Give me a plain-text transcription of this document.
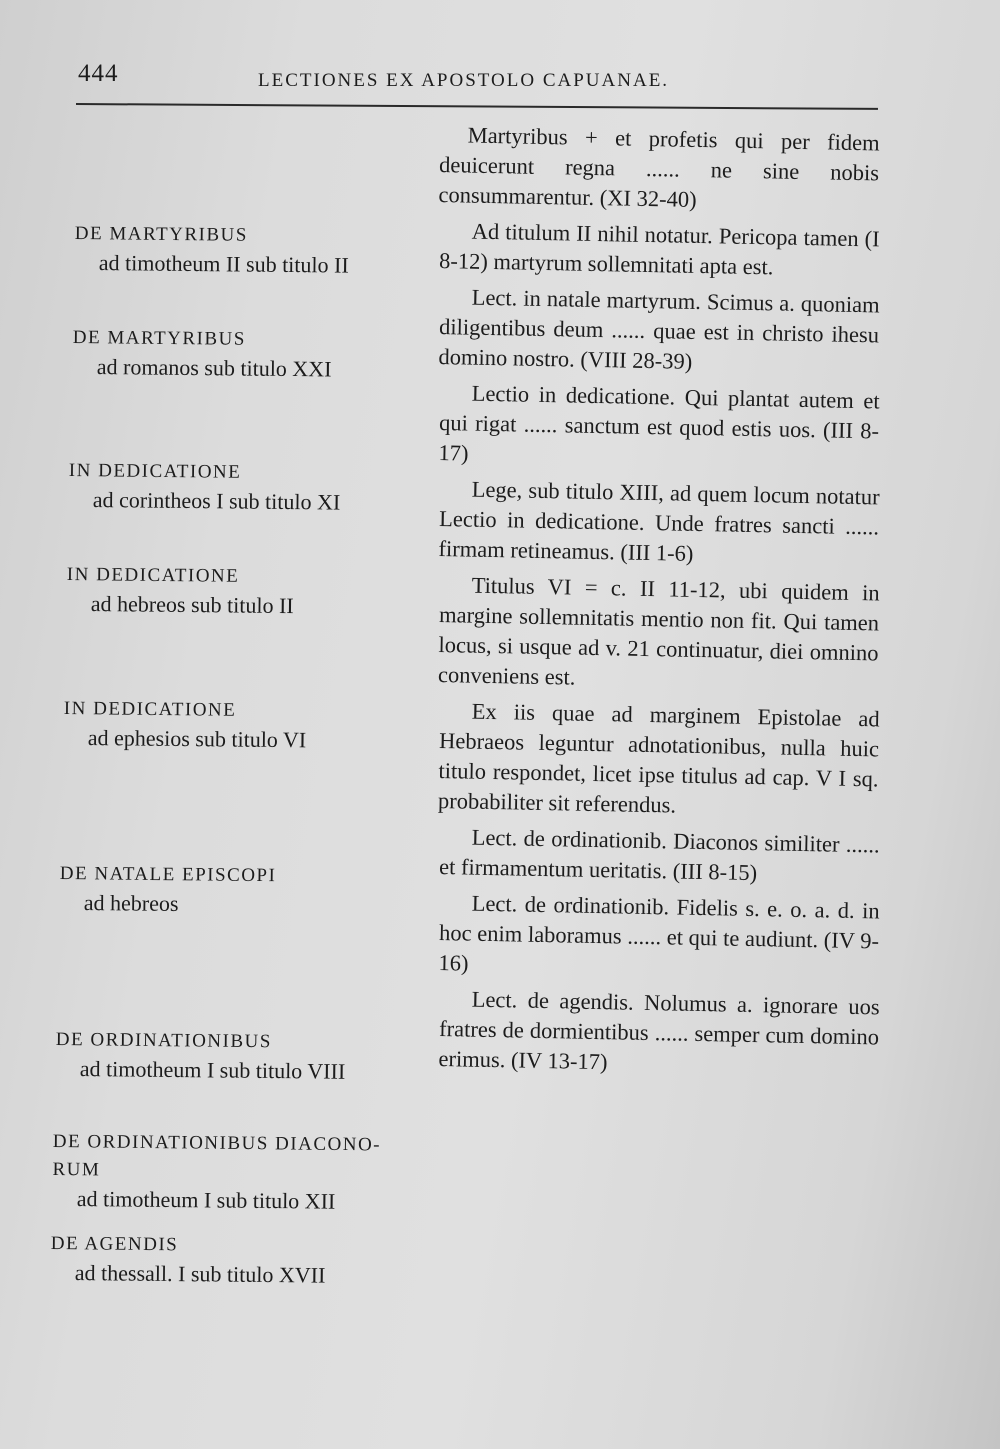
444	LECTIONES EX APOSTOLO CAPUANAE.
DE MARTYRIBUS
ad timotheum II sub titulo II
DE MARTYRIBUS
ad romanos sub titulo XXI
IN DEDICATIONE
ad corintheos I sub titulo XI
IN DEDICATIONE
ad hebreos sub titulo II
IN DEDICATIONE
ad ephesios sub titulo VI
DE NATALE EPISCOPI
ad hebreos
DE ORDINATIONIBUS
ad timotheum I sub titulo VIII
DE ORDINATIONIBUS DIACONO-RUM
ad timotheum I sub titulo XII
DE AGENDIS
ad thessall. I sub titulo XVII

Martyribus + et profetis qui per fidem deuicerunt regna ...... ne sine nobis consummarentur. (XI 32-40)

Ad titulum II nihil notatur. Pericopa tamen (I 8-12) martyrum sollemnitati apta est.

Lect. in natale martyrum. Scimus a. quoniam diligentibus deum ...... quae est in christo ihesu domino nostro. (VIII 28-39)

Lectio in dedicatione. Qui plantat autem et qui rigat ...... sanctum est quod estis uos. (III 8-17)

Lege, sub titulo XIII, ad quem locum notatur Lectio in dedicatione. Unde fratres sancti ...... firmam retineamus. (III 1-6)

Titulus VI = c. II 11-12, ubi quidem in margine sollemnitatis mentio non fit. Qui tamen locus, si usque ad v. 21 continuatur, diei omnino conveniens est.

Ex iis quae ad marginem Epistolae ad Hebraeos leguntur adnotationibus, nulla huic titulo respondet, licet ipse titulus ad cap. V I sq. probabiliter sit referendus.

Lect. de ordinationib. Diaconos similiter ...... et firmamentum ueritatis. (III 8-15)

Lect. de ordinationib. Fidelis s. e. o. a. d. in hoc enim laboramus ...... et qui te audiunt. (IV 9-16)

Lect. de agendis. Nolumus a. ignorare uos fratres de dormientibus ...... semper cum domino erimus. (IV 13-17)
